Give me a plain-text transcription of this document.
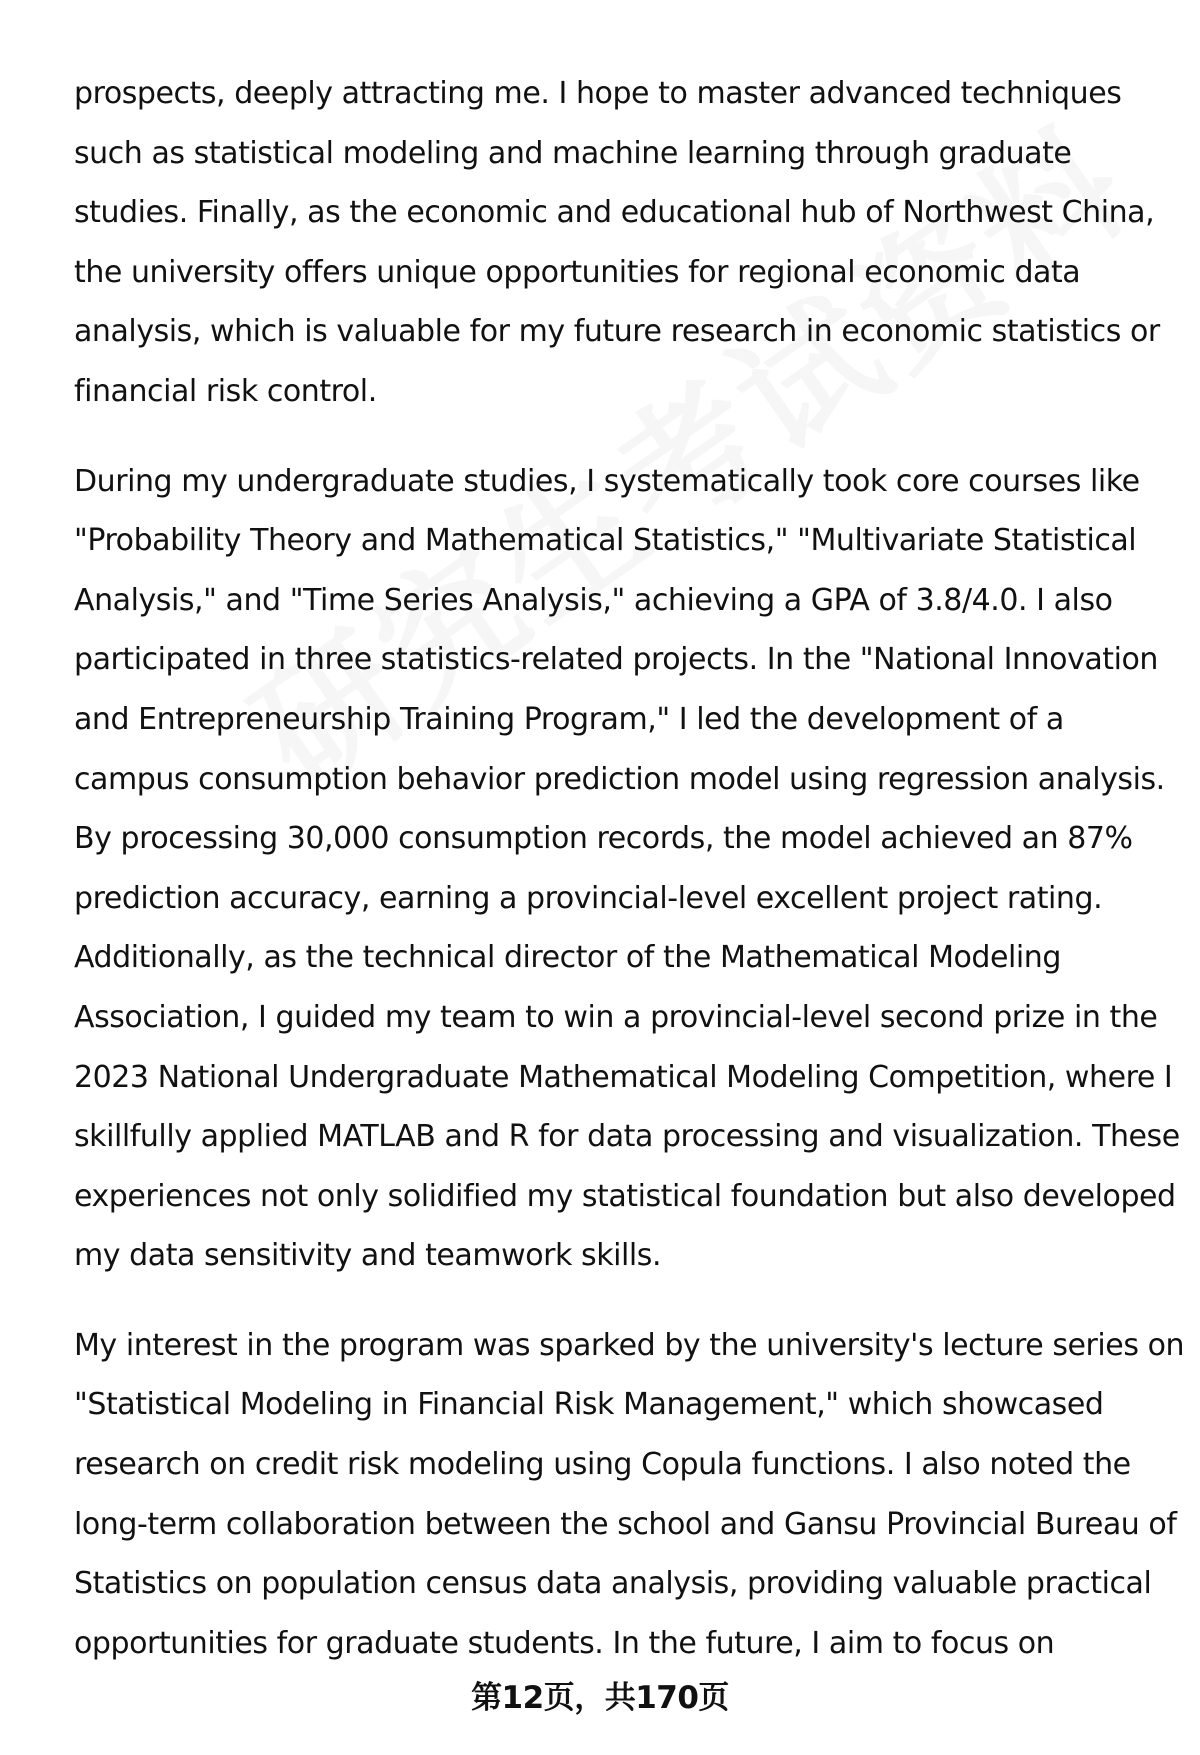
prospects, deeply attracting me. I hope to master advanced techniques
such as statistical modeling and machine learning through graduate
studies. Finally, as the economic and educational hub of Northwest China,
the university offers unique opportunities for regional economic data
analysis, which is valuable for my future research in economic statistics or
financial risk control.
During my undergraduate studies, I systematically took core courses like
"Probability Theory and Mathematical Statistics," "Multivariate Statistical
Analysis," and "Time Series Analysis," achieving a GPA of 3.8/4.0. I also
participated in three statistics-related projects. In the "National Innovation
and Entrepreneurship Training Program," I led the development of a
campus consumption behavior prediction model using regression analysis.
By processing 30,000 consumption records, the model achieved an 87%
prediction accuracy, earning a provincial-level excellent project rating.
Additionally, as the technical director of the Mathematical Modeling
Association, I guided my team to win a provincial-level second prize in the
2023 National Undergraduate Mathematical Modeling Competition, where I
skillfully applied MATLAB and R for data processing and visualization. These
experiences not only solidified my statistical foundation but also developed
my data sensitivity and teamwork skills.
My interest in the program was sparked by the university's lecture series on
"Statistical Modeling in Financial Risk Management," which showcased
research on credit risk modeling using Copula functions. I also noted the
long-term collaboration between the school and Gansu Provincial Bureau of
Statistics on population census data analysis, providing valuable practical
opportunities for graduate students. In the future, I aim to focus on
第12页，共170页
